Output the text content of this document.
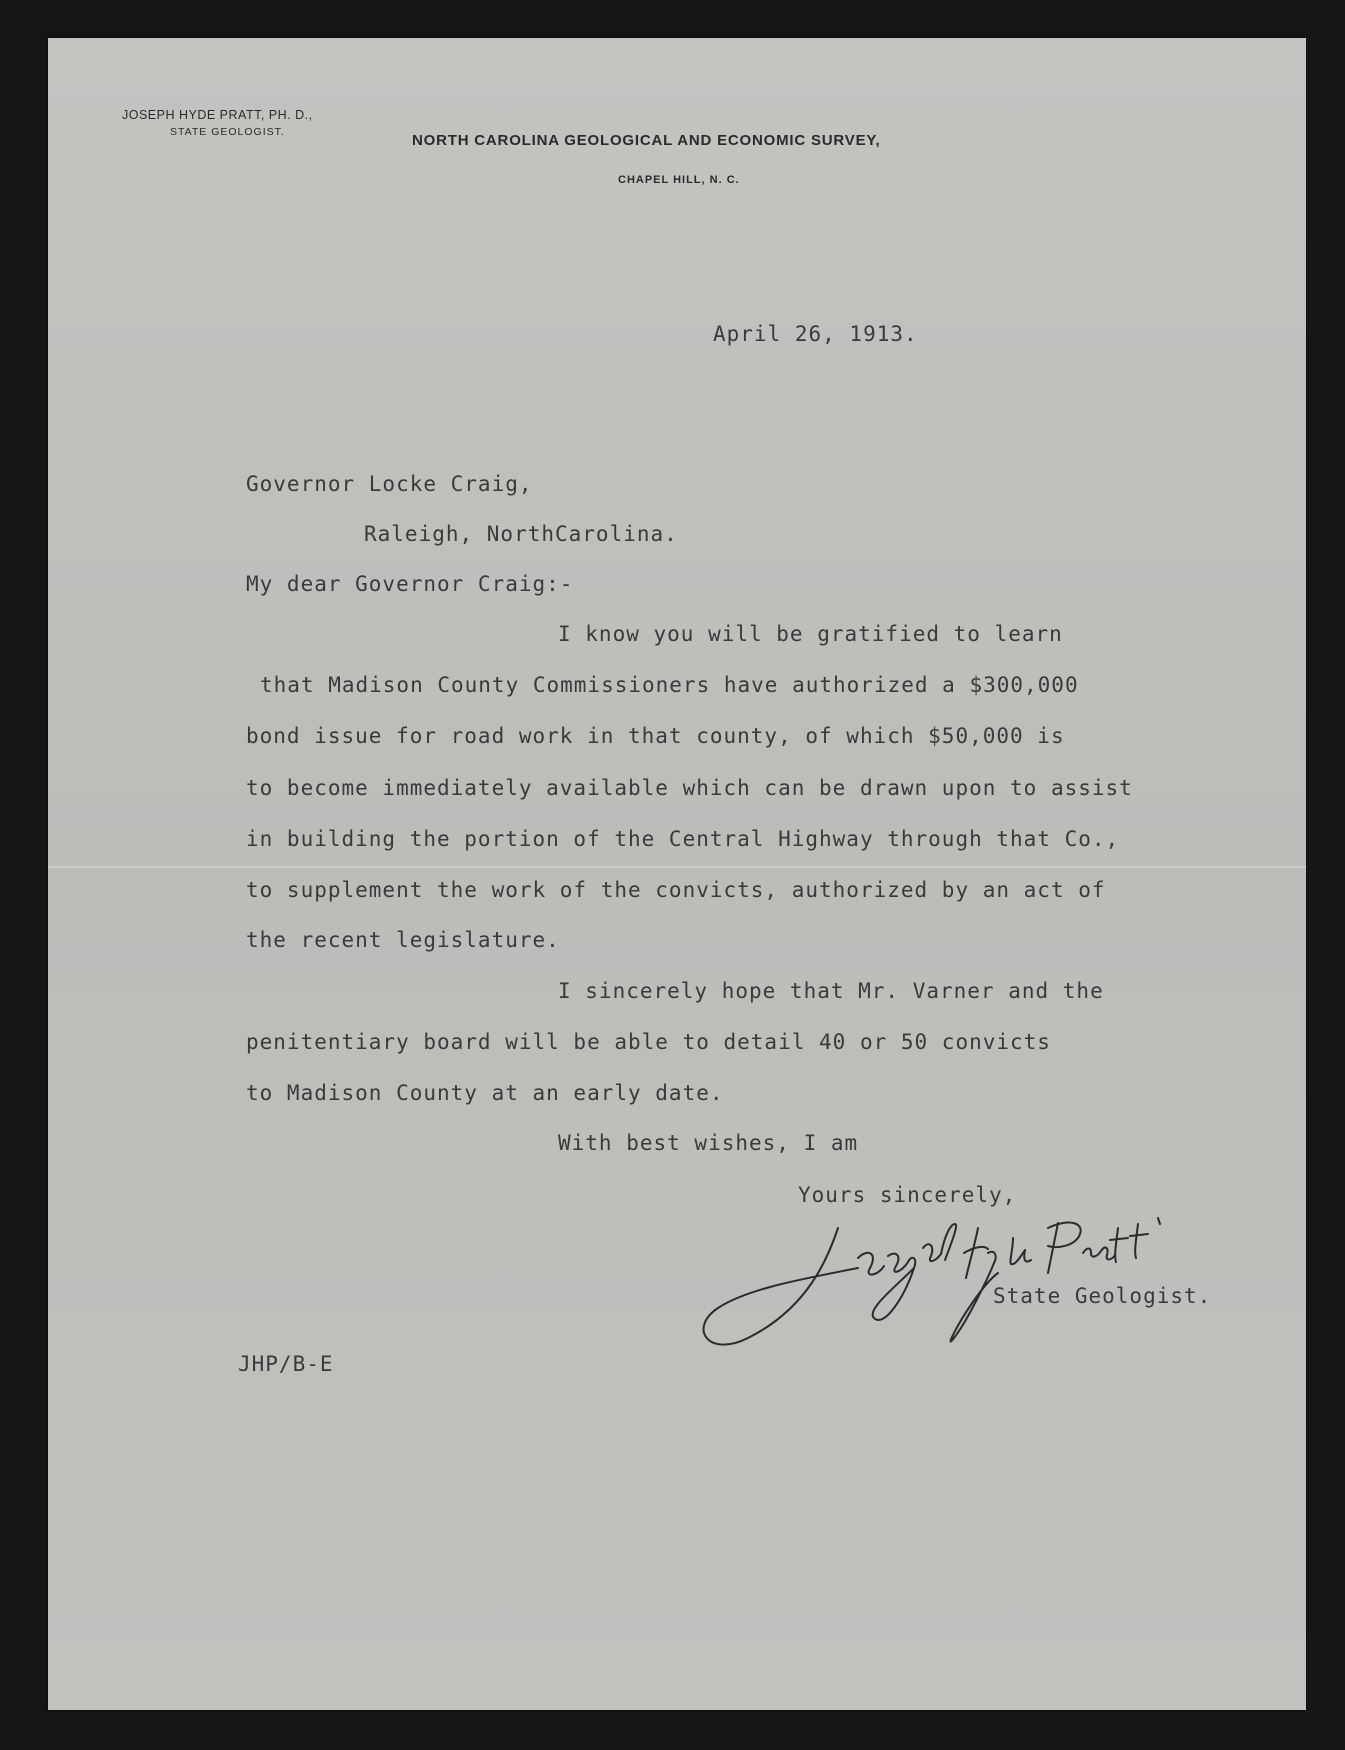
JOSEPH HYDE PRATT, PH. D.,
STATE GEOLOGIST.	NORTH CAROLINA GEOLOGICAL AND ECONOMIC SURVEY,
CHAPEL HILL, N. C.
April 26, 1913.
Governor Locke Craig,
Raleigh, NorthCarolina.
My dear Governor Craig:-
I know you will be gratified to learn
that Madison County Commissioners have authorized a $300,000
bond issue for road work in that county, of which $50,000 is
to become immediately available which can be drawn upon to assist
in building the portion of the Central Highway through that Co.,
to supplement the work of the convicts, authorized by an act of
the recent legislature.
I sincerely hope that Mr. Varner and the
penitentiary board will be able to detail 40 or 50 convicts
to Madison County at an early date.
With best wishes, I am
Yours sincerely,
State Geologist.
JHP/B-E
